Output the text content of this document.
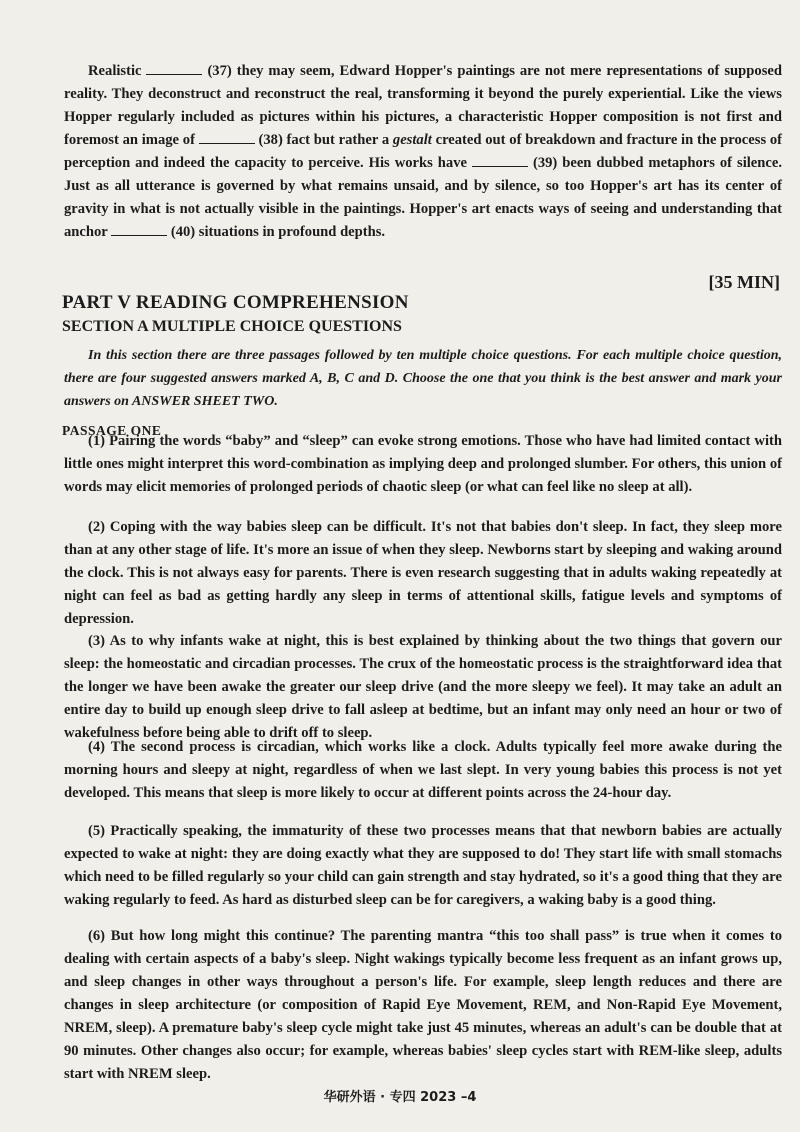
Realistic	(37) they may seem, Edward Hopper's paintings are not mere representations of supposed reality. They deconstruct and reconstruct the real, transforming it beyond the purely experiential. Like the views Hopper regularly included as pictures within his pictures, a characteristic Hopper composition is not first and foremost an image of	(38) fact but rather a gestalt created out of breakdown and fracture in the process of perception and indeed the capacity to perceive. His works have	(39) been dubbed metaphors of silence. Just as all utterance is governed by what remains unsaid, and by silence, so too Hopper's art has its center of gravity in what is not actually visible in the paintings. Hopper's art enacts ways of seeing and understanding that anchor	(40) situations in profound depths.
[35 MIN]
PART V READING COMPREHENSION
SECTION A MULTIPLE CHOICE QUESTIONS
In this section there are three passages followed by ten multiple choice questions. For each multiple choice question, there are four suggested answers marked A, B, C and D. Choose the one that you think is the best answer and mark your answers on ANSWER SHEET TWO.
PASSAGE ONE
(1) Pairing the words “baby” and “sleep” can evoke strong emotions. Those who have had limited contact with little ones might interpret this word-combination as implying deep and prolonged slumber. For others, this union of words may elicit memories of prolonged periods of chaotic sleep (or what can feel like no sleep at all).
(2) Coping with the way babies sleep can be difficult. It's not that babies don't sleep. In fact, they sleep more than at any other stage of life. It's more an issue of when they sleep. Newborns start by sleeping and waking around the clock. This is not always easy for parents. There is even research suggesting that in adults waking repeatedly at night can feel as bad as getting hardly any sleep in terms of attentional skills, fatigue levels and symptoms of depression.
(3) As to why infants wake at night, this is best explained by thinking about the two things that govern our sleep: the homeostatic and circadian processes. The crux of the homeostatic process is the straightforward idea that the longer we have been awake the greater our sleep drive (and the more sleepy we feel). It may take an adult an entire day to build up enough sleep drive to fall asleep at bedtime, but an infant may only need an hour or two of wakefulness before being able to drift off to sleep.
(4) The second process is circadian, which works like a clock. Adults typically feel more awake during the morning hours and sleepy at night, regardless of when we last slept. In very young babies this process is not yet developed. This means that sleep is more likely to occur at different points across the 24-hour day.
(5) Practically speaking, the immaturity of these two processes means that that newborn babies are actually expected to wake at night: they are doing exactly what they are supposed to do! They start life with small stomachs which need to be filled regularly so your child can gain strength and stay hydrated, so it's a good thing that they are waking regularly to feed. As hard as disturbed sleep can be for caregivers, a waking baby is a good thing.
(6) But how long might this continue? The parenting mantra “this too shall pass” is true when it comes to dealing with certain aspects of a baby's sleep. Night wakings typically become less frequent as an infant grows up, and sleep changes in other ways throughout a person's life. For example, sleep length reduces and there are changes in sleep architecture (or composition of Rapid Eye Movement, REM, and Non-Rapid Eye Movement, NREM, sleep). A premature baby's sleep cycle might take just 45 minutes, whereas an adult's can be double that at 90 minutes. Other changes also occur; for example, whereas babies' sleep cycles start with REM-like sleep, adults start with NREM sleep.
华研外语 · 专四 2023 –4
